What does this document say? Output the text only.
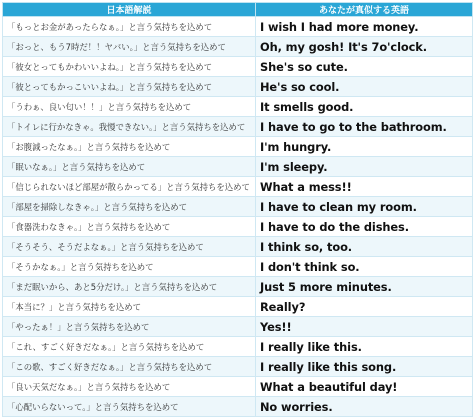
日本語解説	あなたが真似する英語
「もっとお金があったらなぁ。」と言う気持ちを込めて	I wish I had more money.
「おっと、もう7時だ！！ヤバい。」と言う気持ちを込めて	Oh, my gosh! It's 7o'clock.
「彼女とってもかわいいよね。」と言う気持ちを込めて	She's so cute.
「彼とってもかっこいいよね。」と言う気持ちを込めて	He's so cool.
「うわぁ、良い匂い！！」と言う気持ちを込めて	It smells good.
「トイレに行かなきゃ。我慢できない。」と言う気持ちを込めて	I have to go to the bathroom.
「お腹減ったなぁ。」と言う気持ちを込めて	I'm hungry.
「眠いなぁ。」と言う気持ちを込めて	I'm sleepy.
「信じられないほど部屋が散らかってる」と言う気持ちを込めて	What a mess!!
「部屋を掃除しなきゃ。」と言う気持ちを込めて	I have to clean my room.
「食器洗わなきゃ。」と言う気持ちを込めて	I have to do the dishes.
「そうそう、そうだよなぁ。」と言う気持ちを込めて	I think so, too.
「そうかなぁ。」と言う気持ちを込めて	I don't think so.
「まだ眠いから、あと5分だけ。」と言う気持ちを込めて	Just 5 more minutes.
「本当に？」と言う気持ちを込めて	Really?
「やったぁ！」と言う気持ちを込めて	Yes!!
「これ、すごく好きだなぁ。」と言う気持ちを込めて	I really like this.
「この歌、すごく好きだなぁ。」と言う気持ちを込めて	I really like this song.
「良い天気だなぁ。」と言う気持ちを込めて	What a beautiful day!
「心配いらないって。」と言う気持ちを込めて	No worries.
